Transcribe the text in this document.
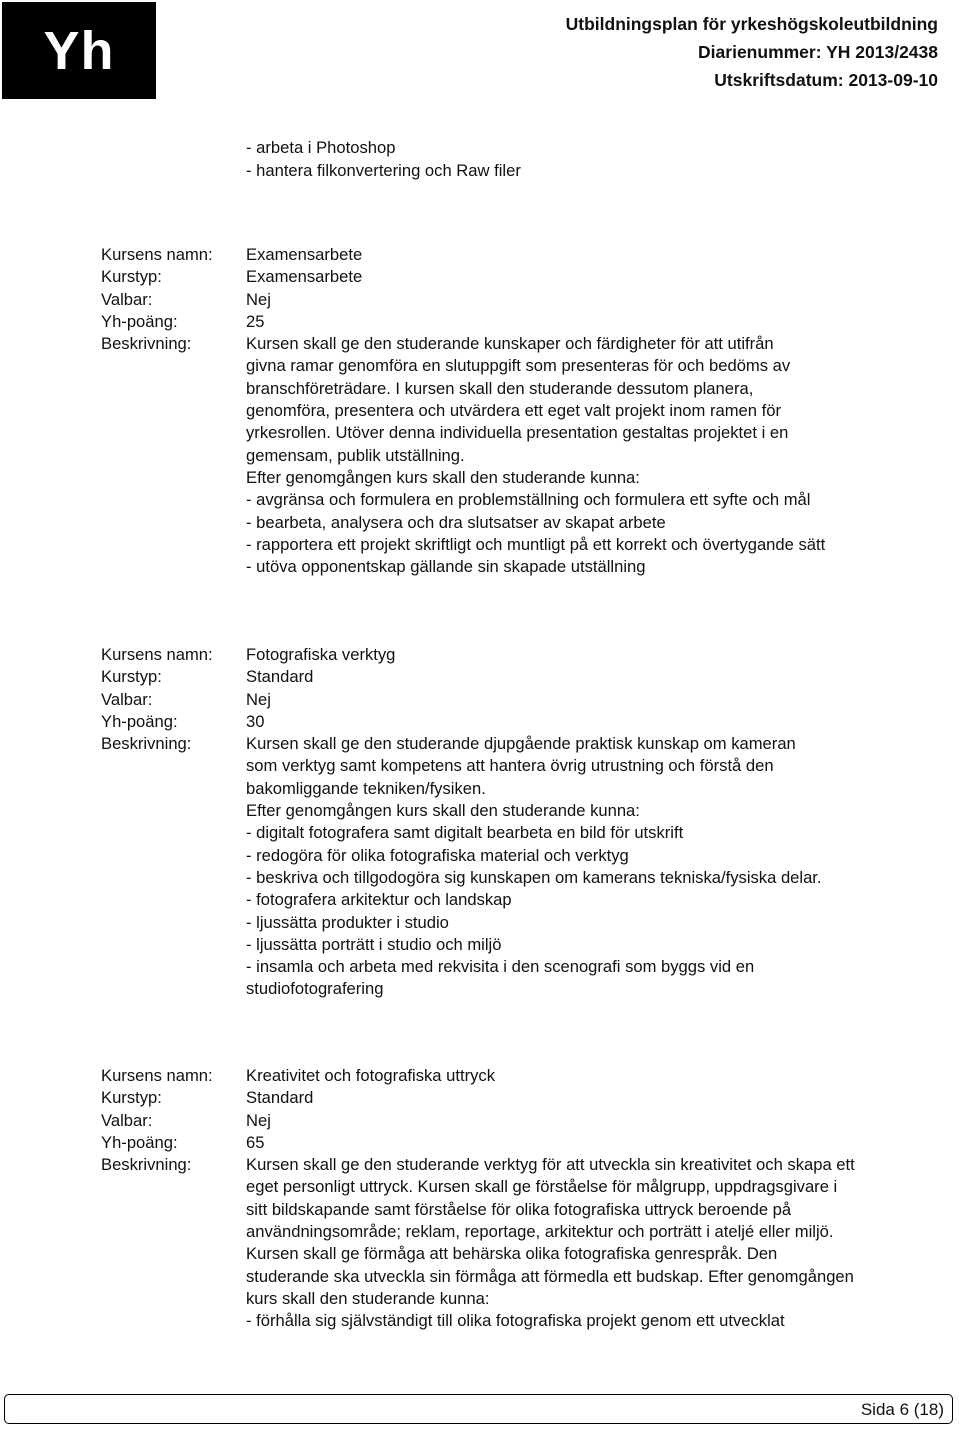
Yh	Utbildningsplan för yrkeshögskoleutbildning
Diarienummer: YH 2013/2438
Utskriftsdatum: 2013-09-10
- arbeta i Photoshop
- hantera filkonvertering och Raw filer
Kursens namn:	Examensarbete
Kurstyp:	Examensarbete
Valbar:	Nej
Yh-poäng:	25
Beskrivning:	Kursen skall ge den studerande kunskaper och färdigheter för att utifrån
givna ramar genomföra en slutuppgift som presenteras för och bedöms av
branschföreträdare. I kursen skall den studerande dessutom planera,
genomföra, presentera och utvärdera ett eget valt projekt inom ramen för
yrkesrollen. Utöver denna individuella presentation gestaltas projektet i en
gemensam, publik utställning.
Efter genomgången kurs skall den studerande kunna:
- avgränsa och formulera en problemställning och formulera ett syfte och mål
- bearbeta, analysera och dra slutsatser av skapat arbete
- rapportera ett projekt skriftligt och muntligt på ett korrekt och övertygande sätt
- utöva opponentskap gällande sin skapade utställning
Kursens namn:	Fotografiska verktyg
Kurstyp:	Standard
Valbar:	Nej
Yh-poäng:	30
Beskrivning:	Kursen skall ge den studerande djupgående praktisk kunskap om kameran
som verktyg samt kompetens att hantera övrig utrustning och förstå den
bakomliggande tekniken/fysiken.
Efter genomgången kurs skall den studerande kunna:
- digitalt fotografera samt digitalt bearbeta en bild för utskrift
- redogöra för olika fotografiska material och verktyg
- beskriva och tillgodogöra sig kunskapen om kamerans tekniska/fysiska delar.
- fotografera arkitektur och landskap
- ljussätta produkter i studio
- ljussätta porträtt i studio och miljö
- insamla och arbeta med rekvisita i den scenografi som byggs vid en
studiofotografering
Kursens namn:	Kreativitet och fotografiska uttryck
Kurstyp:	Standard
Valbar:	Nej
Yh-poäng:	65
Beskrivning:	Kursen skall ge den studerande verktyg för att utveckla sin kreativitet och skapa ett
eget personligt uttryck. Kursen skall ge förståelse för målgrupp, uppdragsgivare i
sitt bildskapande samt förståelse för olika fotografiska uttryck beroende på
användningsområde; reklam, reportage, arkitektur och porträtt i ateljé eller miljö.
Kursen skall ge förmåga att behärska olika fotografiska genrespråk. Den
studerande ska utveckla sin förmåga att förmedla ett budskap. Efter genomgången
kurs skall den studerande kunna:
- förhålla sig självständigt till olika fotografiska projekt genom ett utvecklat
Sida 6 (18)
